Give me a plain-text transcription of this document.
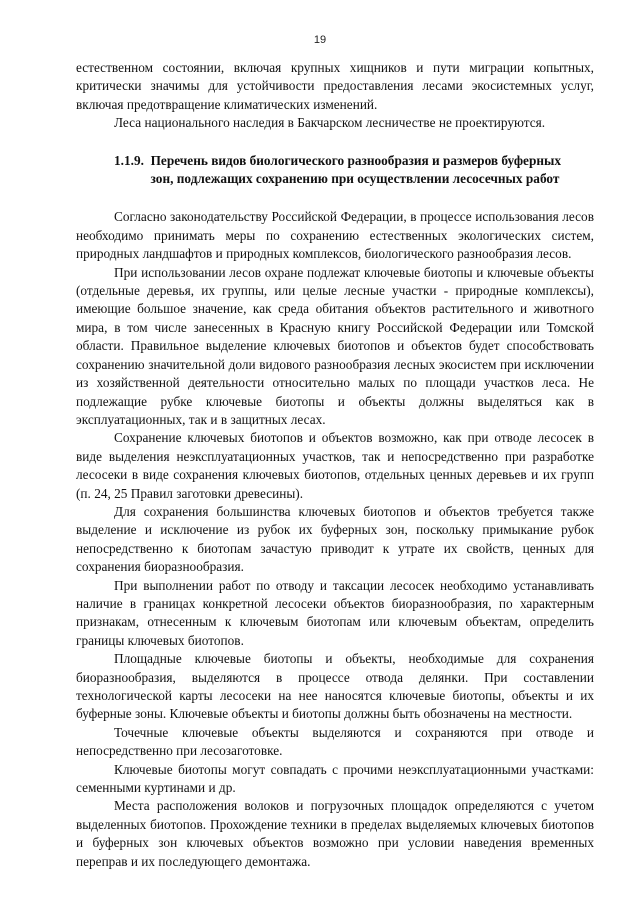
19

естественном состоянии, включая крупных хищников и пути миграции копытных, критически значимы для устойчивости предоставления лесами экосистемных услуг, включая предотвращение климатических изменений.

Леса национального наследия в Бакчарском лесничестве не проектируются.

1.1.9. Перечень видов биологического разнообразия и размеров буферных
зон, подлежащих сохранению при осуществлении лесосечных работ

Согласно законодательству Российской Федерации, в процессе использования лесов необходимо принимать меры по сохранению естественных экологических систем, природных ландшафтов и природных комплексов, биологического разнообразия лесов.

При использовании лесов охране подлежат ключевые биотопы и ключевые объекты (отдельные деревья, их группы, или целые лесные участки - природные комплексы), имеющие большое значение, как среда обитания объектов растительного и животного мира, в том числе занесенных в Красную книгу Российской Федерации или Томской области. Правильное выделение ключевых биотопов и объектов будет способствовать сохранению значительной доли видового разнообразия лесных экосистем при исключении из хозяйственной деятельности относительно малых по площади участков леса. Не подлежащие рубке ключевые биотопы и объекты должны выделяться как в эксплуатационных, так и в защитных лесах.

Сохранение ключевых биотопов и объектов возможно, как при отводе лесосек в виде выделения неэксплуатационных участков, так и непосредственно при разработке лесосеки в виде сохранения ключевых биотопов, отдельных ценных деревьев и их групп (п. 24, 25 Правил заготовки древесины).

Для сохранения большинства ключевых биотопов и объектов требуется также выделение и исключение из рубок их буферных зон, поскольку примыкание рубок непосредственно к биотопам зачастую приводит к утрате их свойств, ценных для сохранения биоразнообразия.

При выполнении работ по отводу и таксации лесосек необходимо устанавливать наличие в границах конкретной лесосеки объектов биоразнообразия, по характерным признакам, отнесенным к ключевым биотопам или ключевым объектам, определить границы ключевых биотопов.

Площадные ключевые биотопы и объекты, необходимые для сохранения биоразнообразия, выделяются в процессе отвода делянки. При составлении технологической карты лесосеки на нее наносятся ключевые биотопы, объекты и их буферные зоны. Ключевые объекты и биотопы должны быть обозначены на местности.

Точечные ключевые объекты выделяются и сохраняются при отводе и непосредственно при лесозаготовке.

Ключевые биотопы могут совпадать с прочими неэксплуатационными участками: семенными куртинами и др.

Места расположения волоков и погрузочных площадок определяются с учетом выделенных биотопов. Прохождение техники в пределах выделяемых ключевых биотопов и буферных зон ключевых объектов возможно при условии наведения временных переправ и их последующего демонтажа.
